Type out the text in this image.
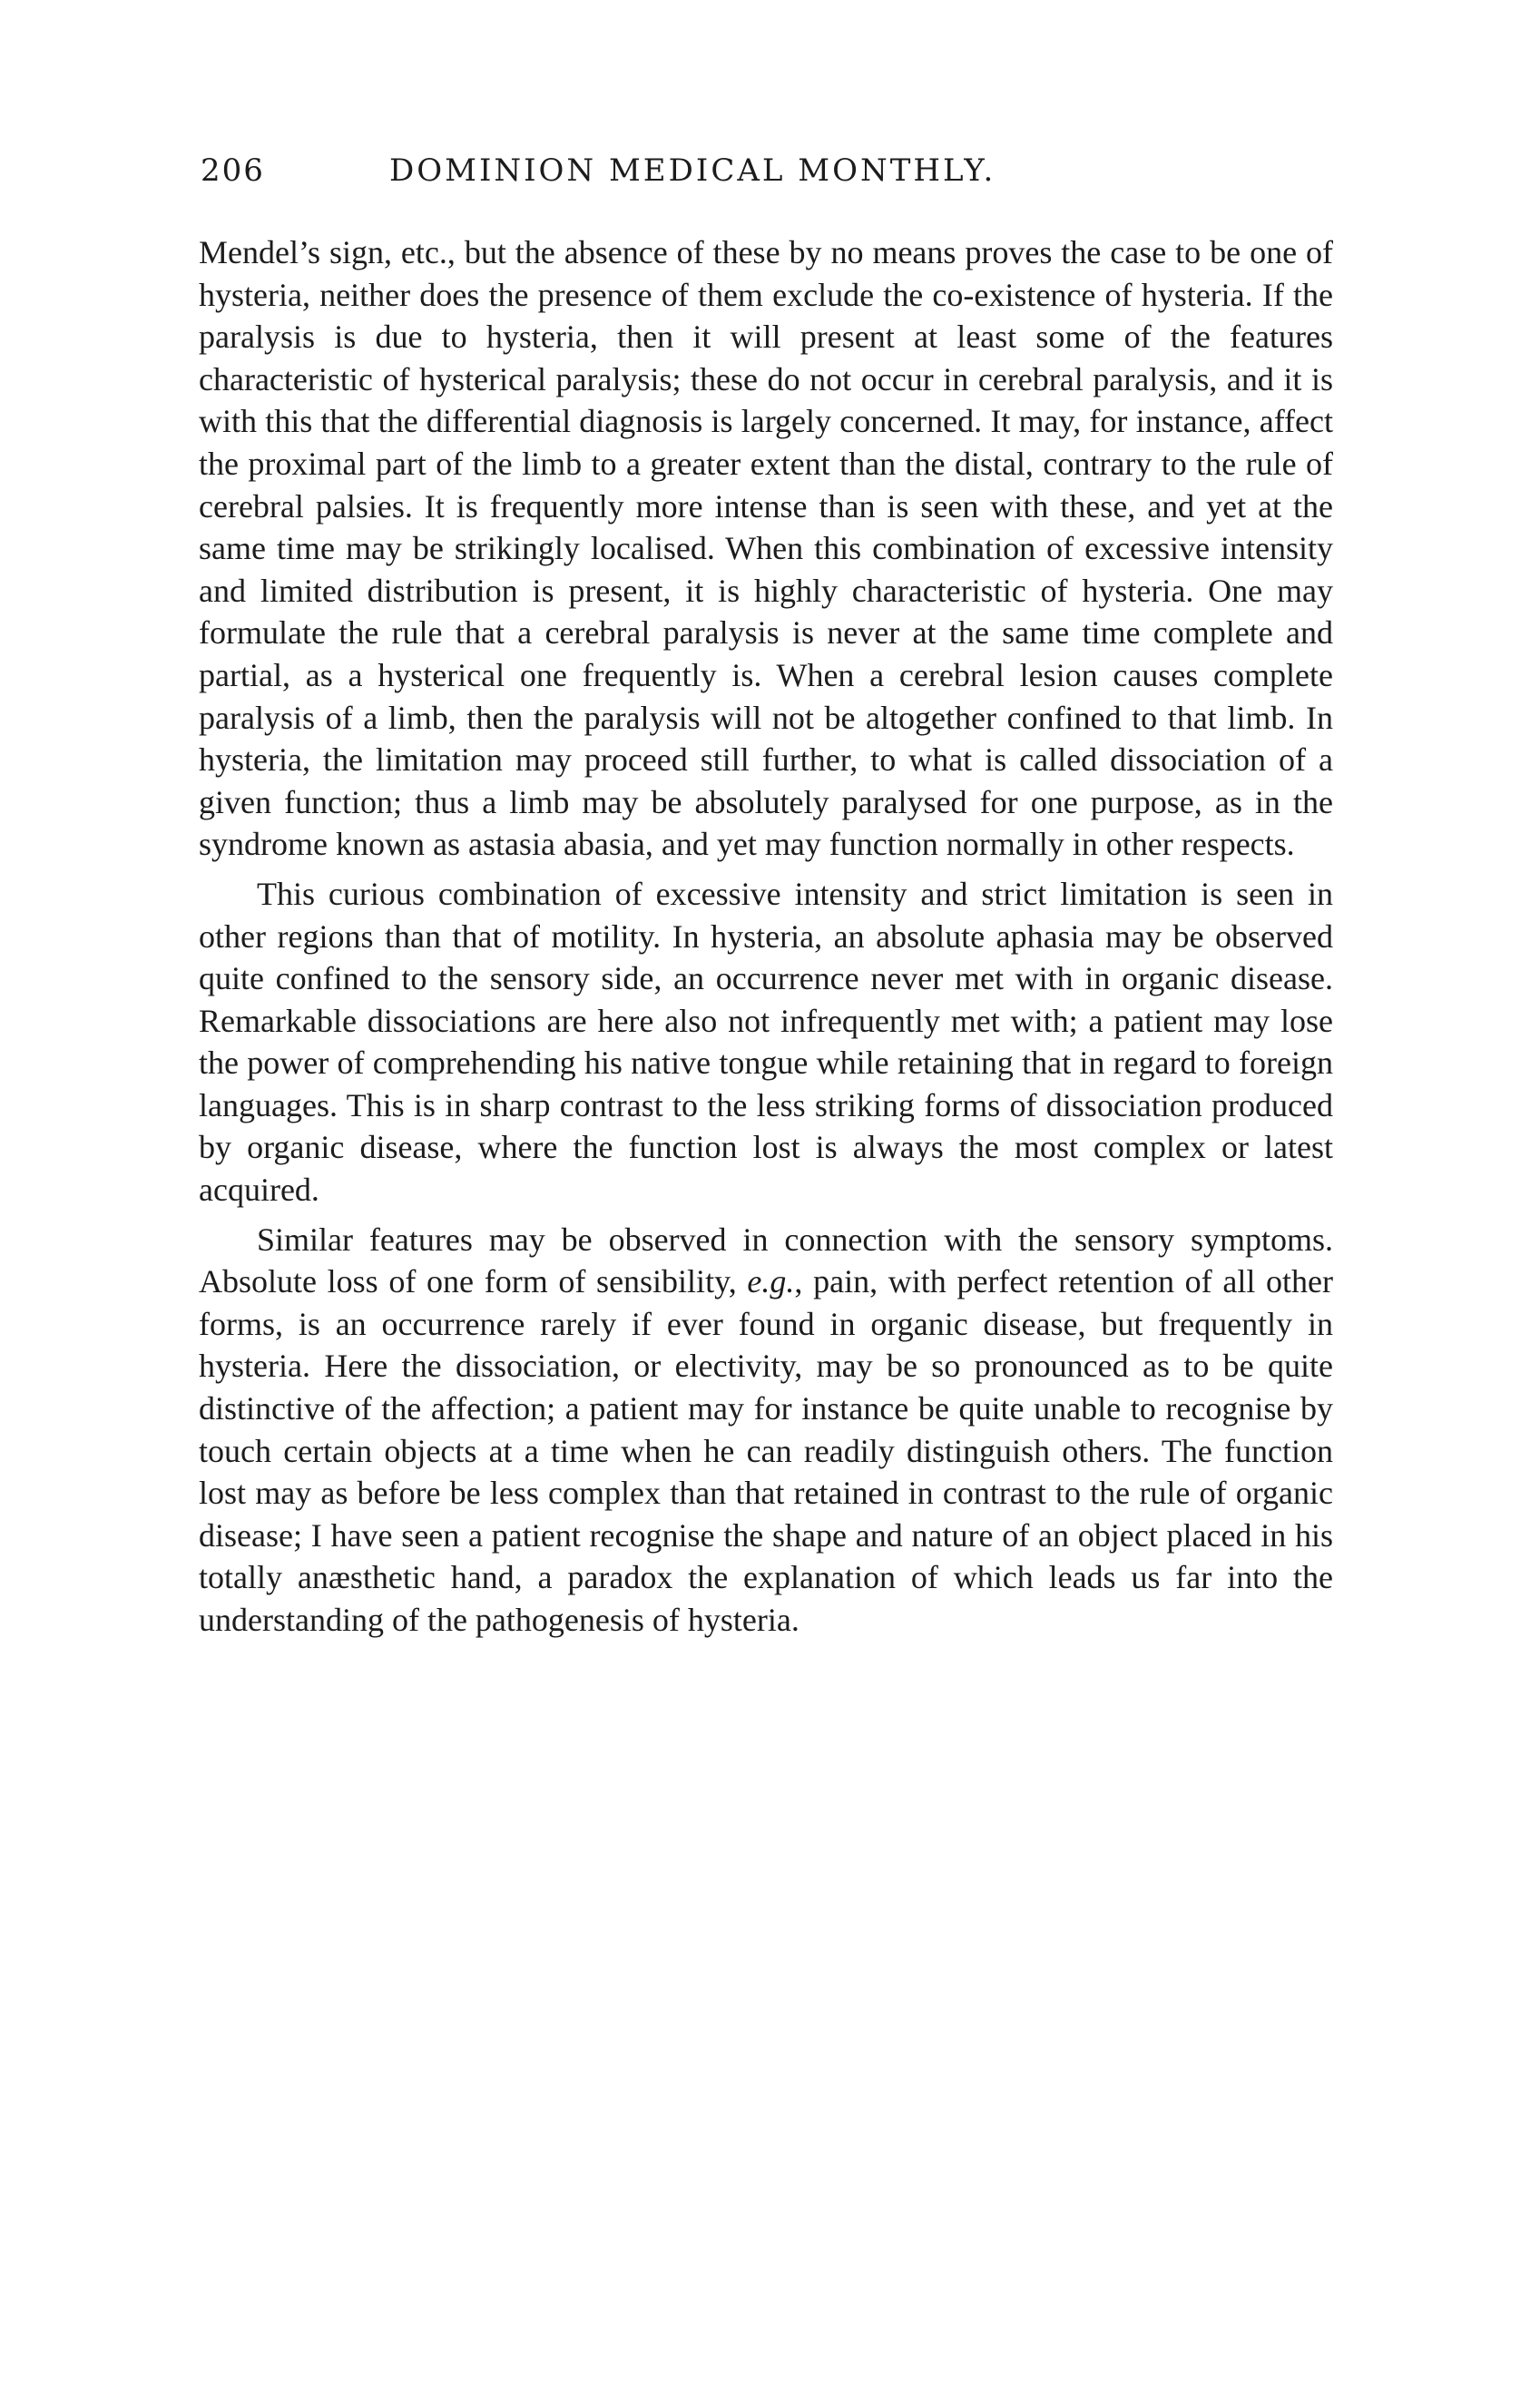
206	DOMINION MEDICAL MONTHLY.

Mendel’s sign, etc., but the absence of these by no means proves the case to be one of hysteria, neither does the presence of them exclude the co-existence of hysteria. If the paralysis is due to hysteria, then it will present at least some of the features characteristic of hysterical paralysis; these do not occur in cerebral paralysis, and it is with this that the differential diagnosis is largely concerned. It may, for instance, affect the proximal part of the limb to a greater extent than the distal, contrary to the rule of cerebral palsies. It is frequently more intense than is seen with these, and yet at the same time may be strikingly localised. When this combination of excessive intensity and limited distribution is present, it is highly characteristic of hysteria. One may formulate the rule that a cerebral paralysis is never at the same time complete and partial, as a hysterical one frequently is. When a cerebral lesion causes complete paralysis of a limb, then the paralysis will not be altogether confined to that limb. In hysteria, the limitation may proceed still further, to what is called dissociation of a given function; thus a limb may be absolutely paralysed for one purpose, as in the syndrome known as astasia abasia, and yet may function normally in other respects.

This curious combination of excessive intensity and strict limitation is seen in other regions than that of motility. In hysteria, an absolute aphasia may be observed quite confined to the sensory side, an occurrence never met with in organic disease. Remarkable dissociations are here also not infrequently met with; a patient may lose the power of comprehending his native tongue while retaining that in regard to foreign languages. This is in sharp contrast to the less striking forms of dissociation produced by organic disease, where the function lost is always the most complex or latest acquired.

Similar features may be observed in connection with the sensory symptoms. Absolute loss of one form of sensibility, e.g., pain, with perfect retention of all other forms, is an occurrence rarely if ever found in organic disease, but frequently in hysteria. Here the dissociation, or electivity, may be so pronounced as to be quite distinctive of the affection; a patient may for instance be quite unable to recognise by touch certain objects at a time when he can readily distinguish others. The function lost may as before be less complex than that retained in contrast to the rule of organic disease; I have seen a patient recognise the shape and nature of an object placed in his totally anæsthetic hand, a paradox the explanation of which leads us far into the understanding of the pathogenesis of hysteria.
